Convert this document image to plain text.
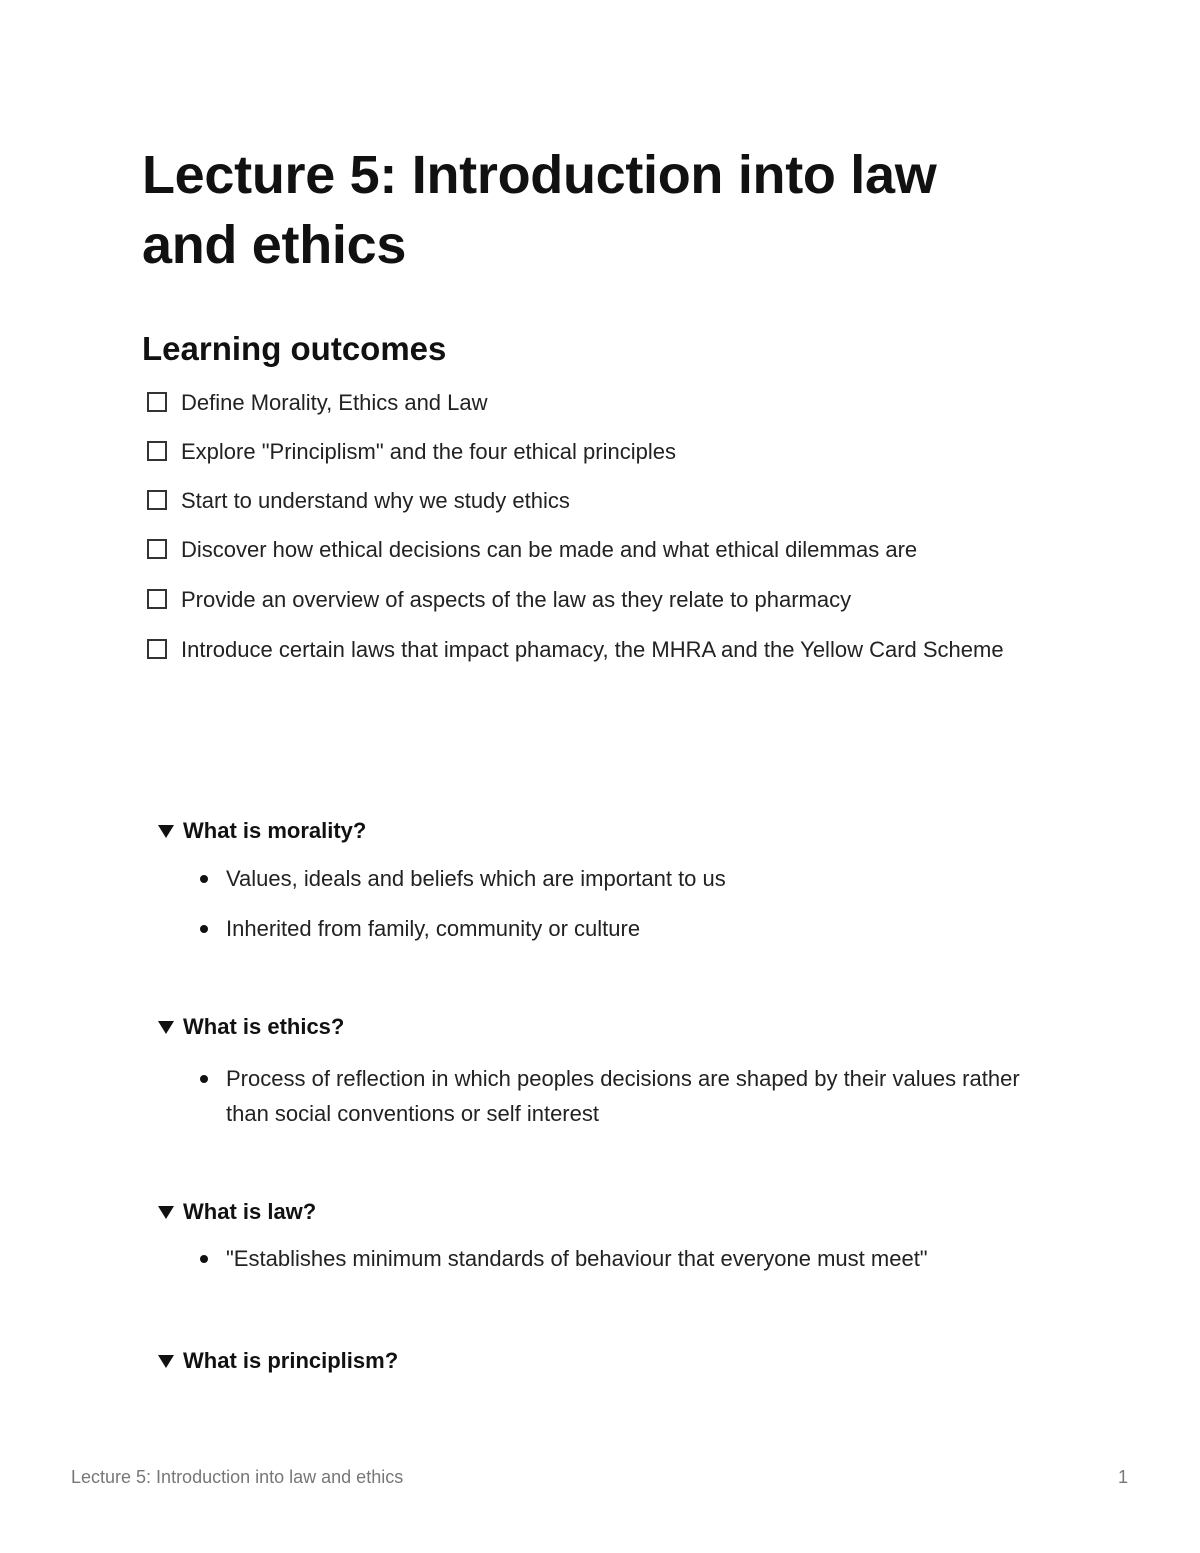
Lecture 5: Introduction into law and ethics
Learning outcomes
Define Morality, Ethics and Law
Explore "Principlism" and the four ethical principles
Start to understand why we study ethics
Discover how ethical decisions can be made and what ethical dilemmas are
Provide an overview of aspects of the law as they relate to pharmacy
Introduce certain laws that impact phamacy, the MHRA and the Yellow Card Scheme
What is morality?
Values, ideals and beliefs which are important to us
Inherited from family, community or culture
What is ethics?
Process of reflection in which peoples decisions are shaped by their values rather than social conventions or self interest
What is law?
"Establishes minimum standards of behaviour that everyone must meet"
What is principlism?
Lecture 5: Introduction into law and ethics	1
